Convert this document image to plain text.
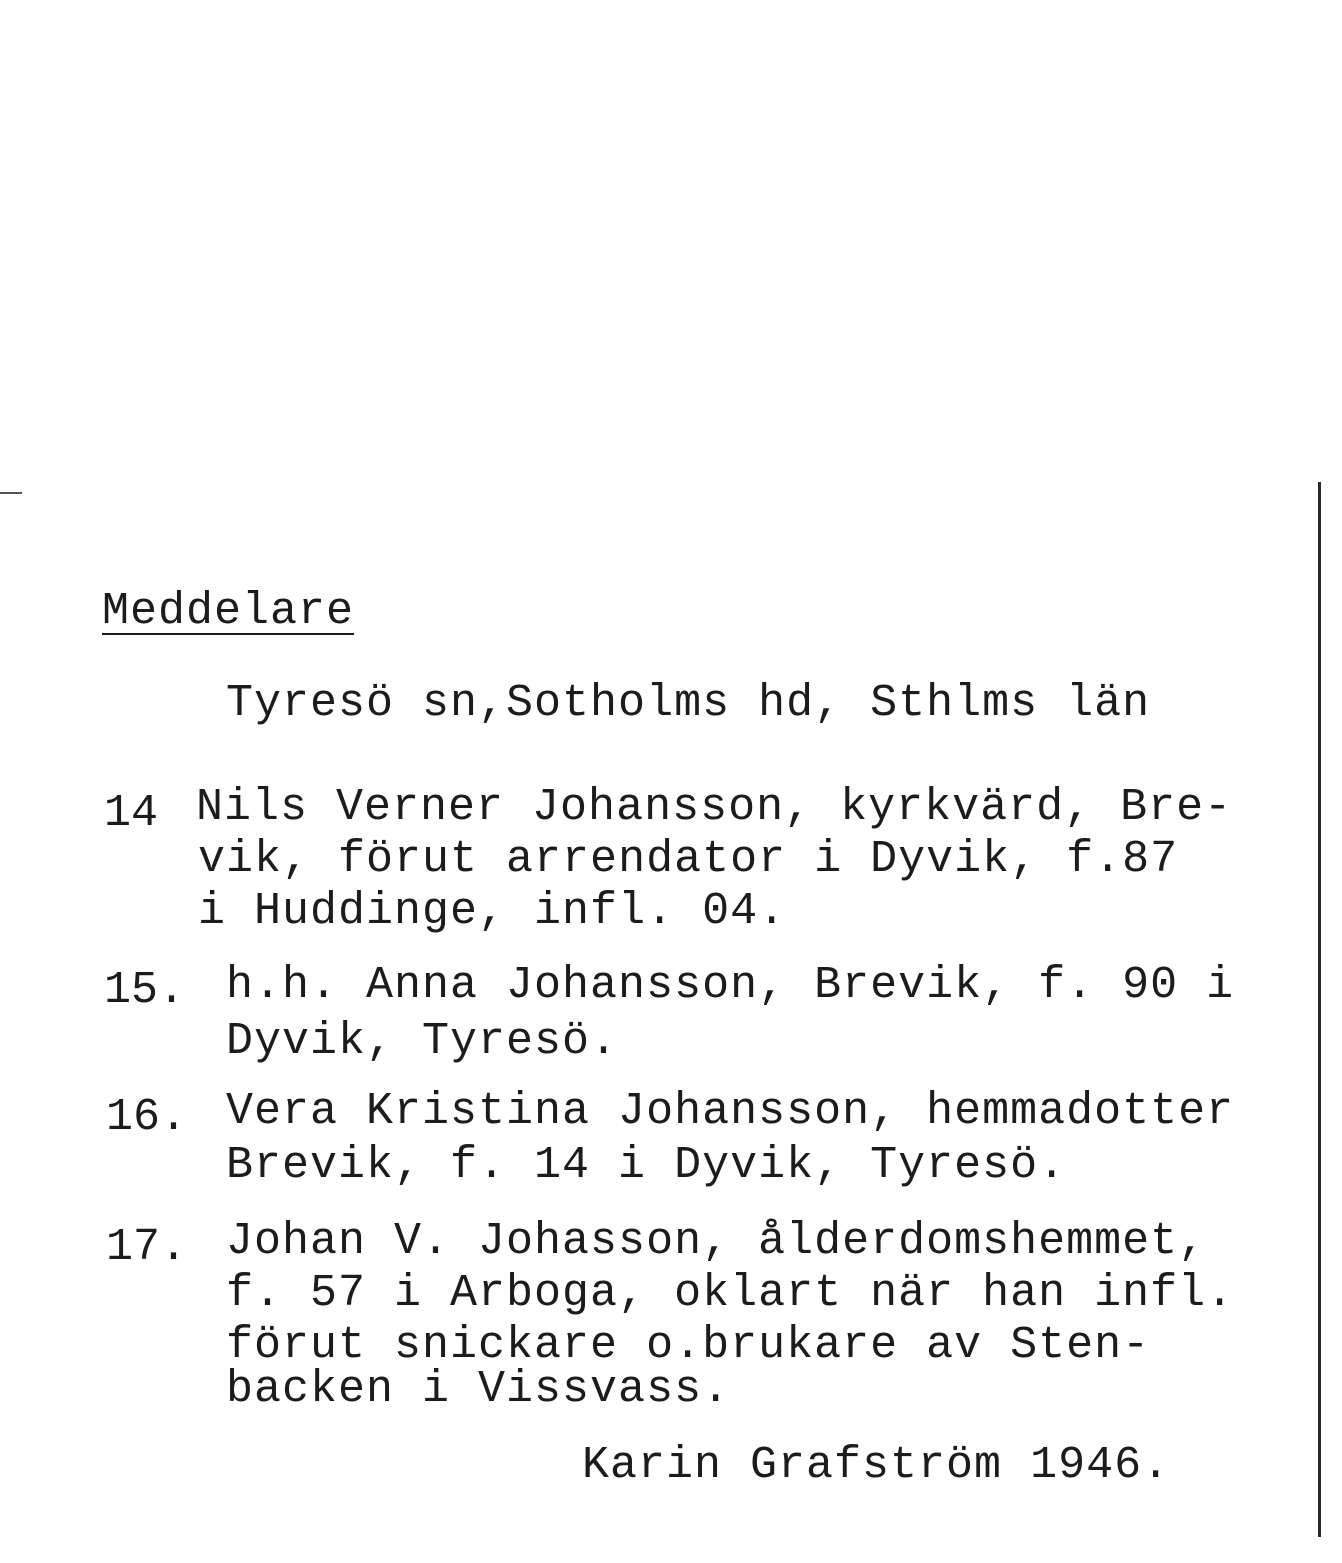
Meddelare
Tyresö sn,Sotholms hd, Sthlms län
14 Nils Verner Johansson, kyrkvärd, Bre-
vik, förut arrendator i Dyvik, f.87
i Huddinge, infl. 04.
15. h.h. Anna Johansson, Brevik, f. 90 i
Dyvik, Tyresö.
16. Vera Kristina Johansson, hemmadotter
Brevik, f. 14 i Dyvik, Tyresö.
17. Johan V. Johasson, ålderdomshemmet,
f. 57 i Arboga, oklart när han infl.
förut snickare o.brukare av Sten-
backen i Vissvass.
Karin Grafström 1946.
